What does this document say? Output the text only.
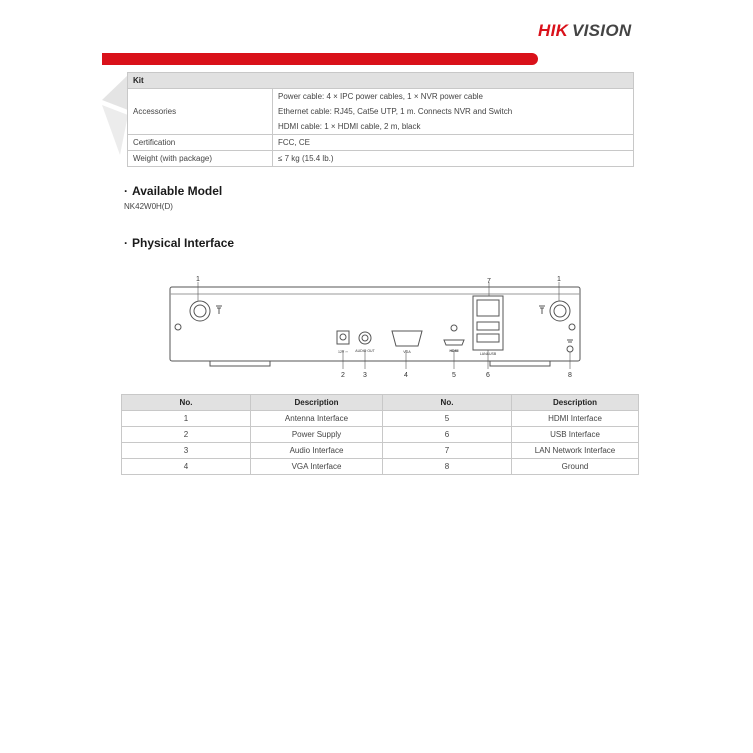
HIK VISION
Kit	
Accessories	Power cable: 4 × IPC power cables, 1 × NVR power cable
	Ethernet cable: RJ45, Cat5e UTP, 1 m. Connects NVR and Switch
	HDMI cable: 1 × HDMI cable, 2 m, black
Certification	FCC, CE
Weight (with package)	≤ 7 kg (15.4 lb.)
· Available Model
NK42W0H(D)
· Physical Interface
12V ⎓ AUDIO OUT	VGA	HDMI
LAN&USB
1	1
7
2	3	4	5	6	8
No.	Description	No.	Description
1	Antenna Interface	5	HDMI Interface
2	Power Supply	6	USB Interface
3	Audio Interface	7	LAN Network Interface
4	VGA Interface	8	Ground
